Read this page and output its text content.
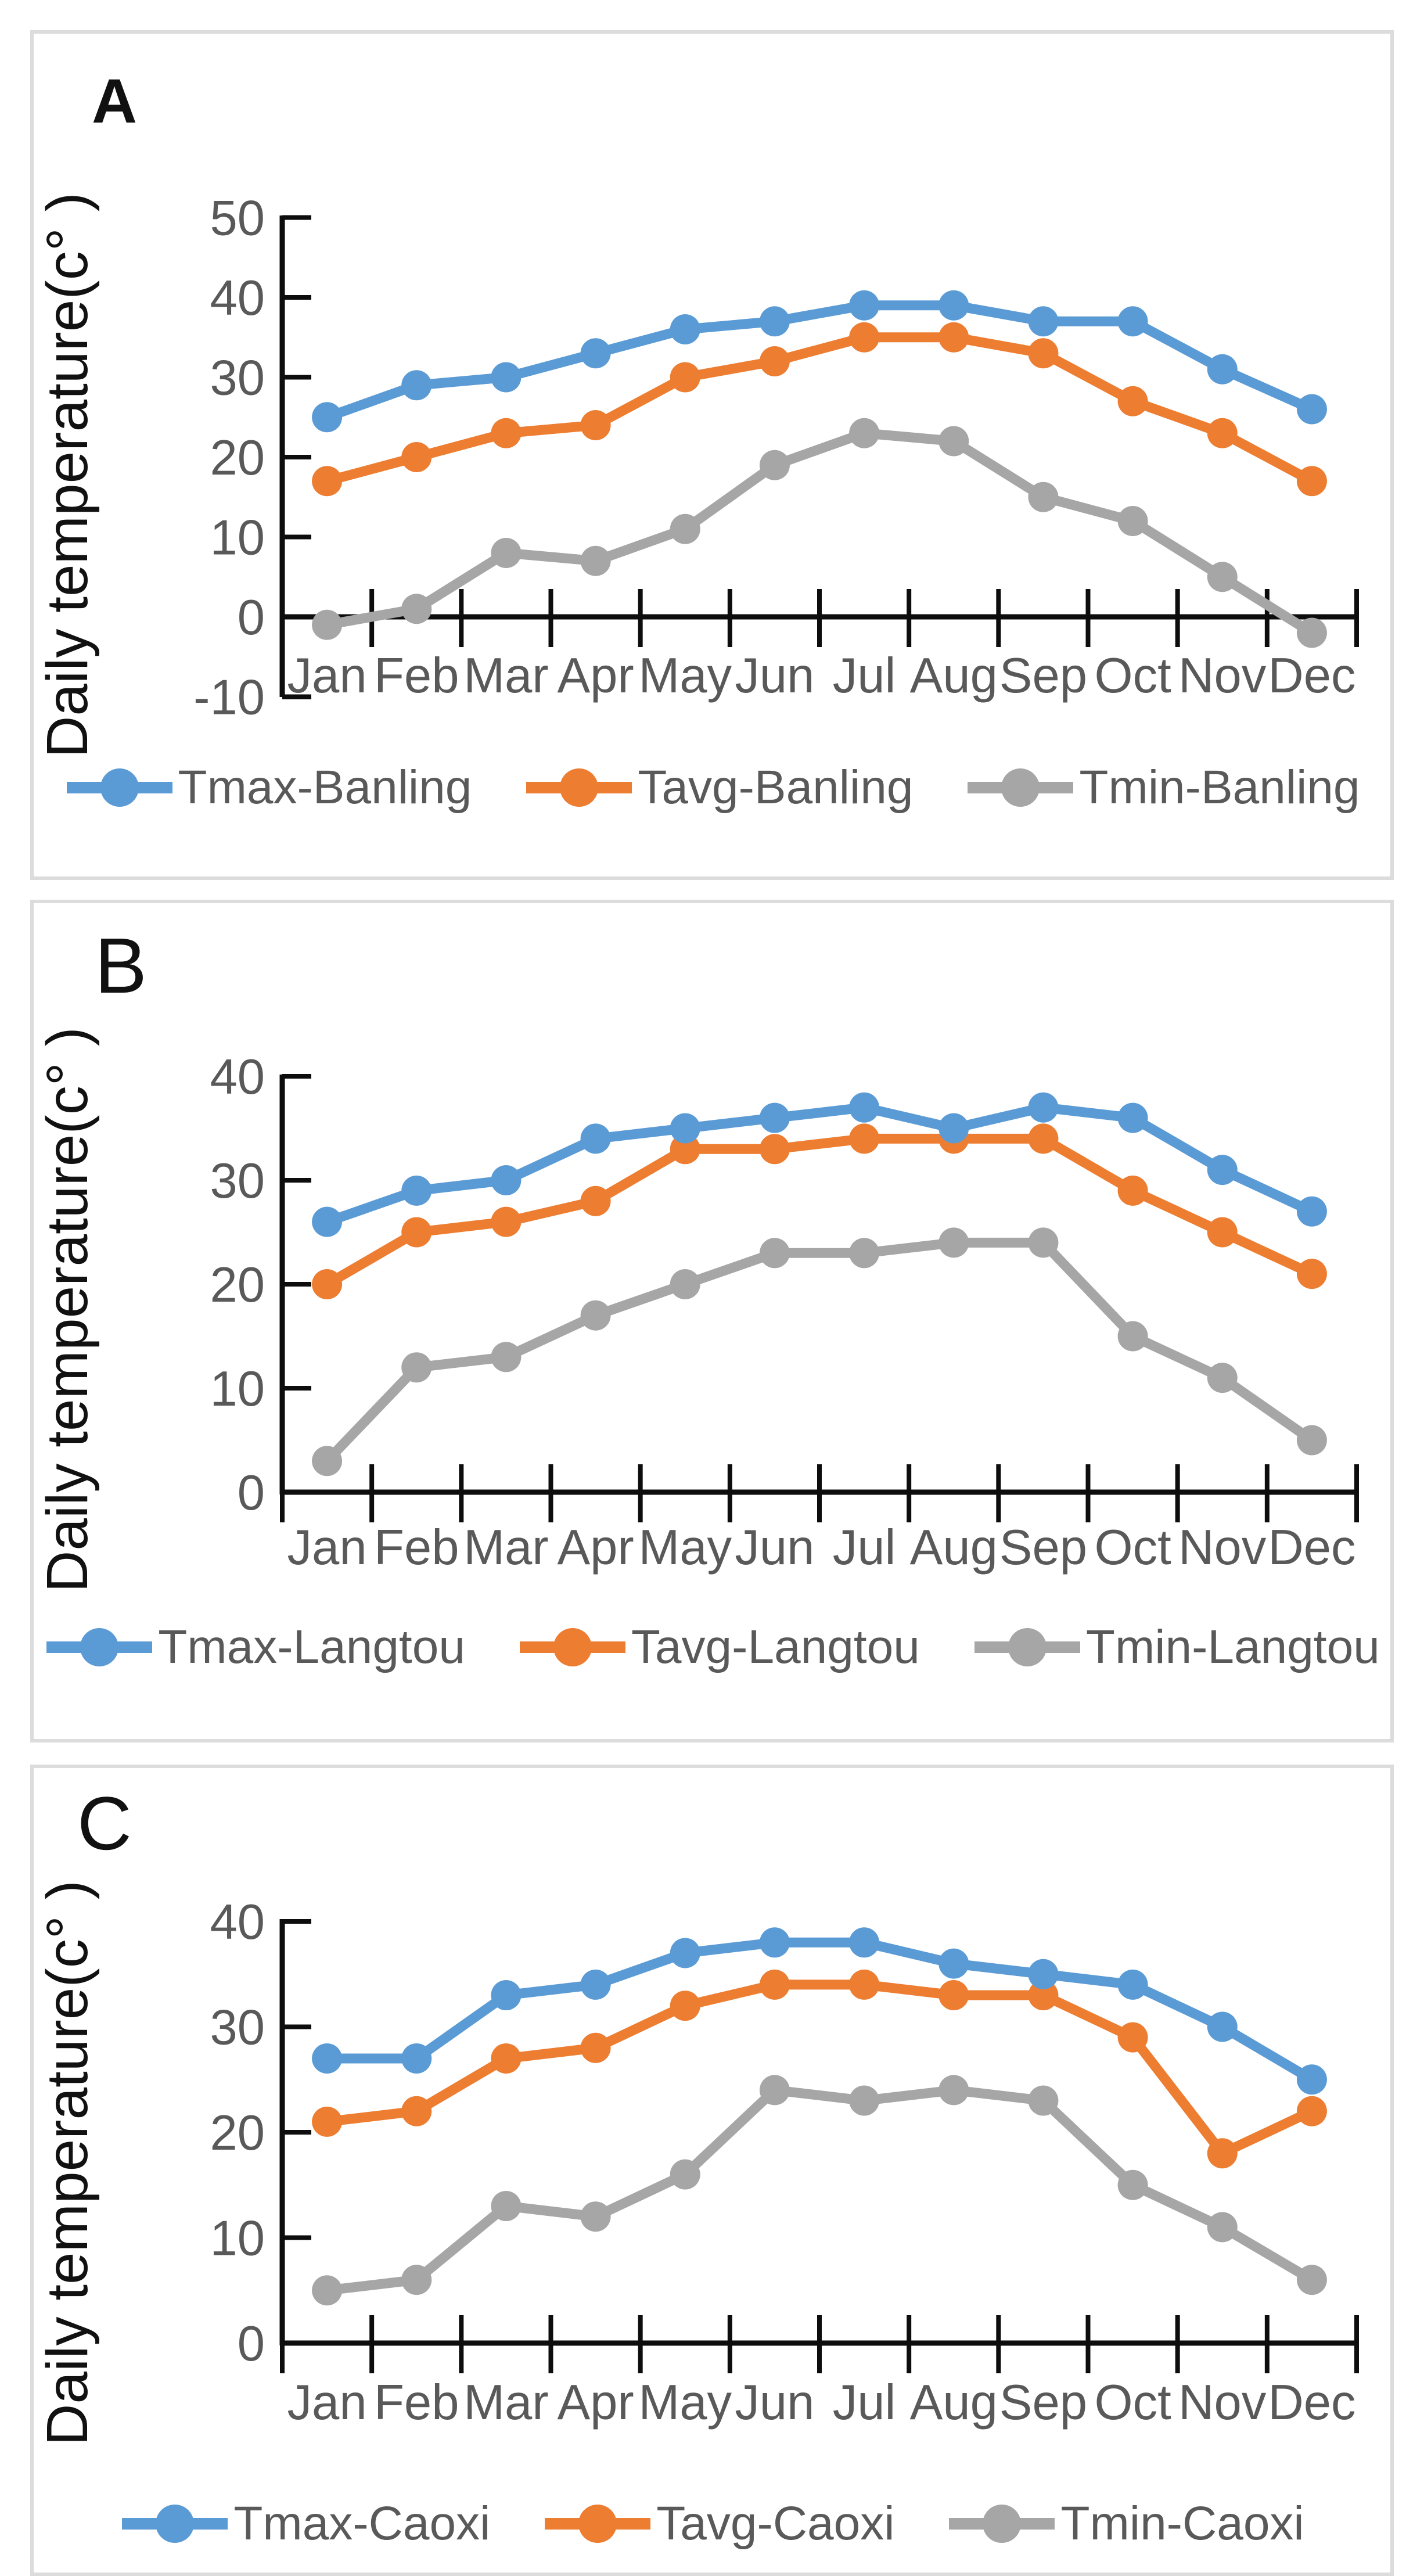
A
50
40
30
20
10
0
-10 Jan Feb Mar Apr May Jun Jul Aug Sep Oct Nov Dec
Daily temperature(c° )
Tmax-Banling	Tavg-Banling	Tmin-Banling
B
40
30
20
10
0
Jan Feb Mar Apr May Jun Jul Aug Sep Oct Nov Dec
Daily temperature(c° )
Tmax-Langtou	Tavg-Langtou	Tmin-Langtou
C
40
30
20
10
0
Jan Feb Mar Apr May Jun Jul Aug Sep Oct Nov Dec
Daily temperature(c° )
Tmax-Caoxi	Tavg-Caoxi	Tmin-Caoxi
